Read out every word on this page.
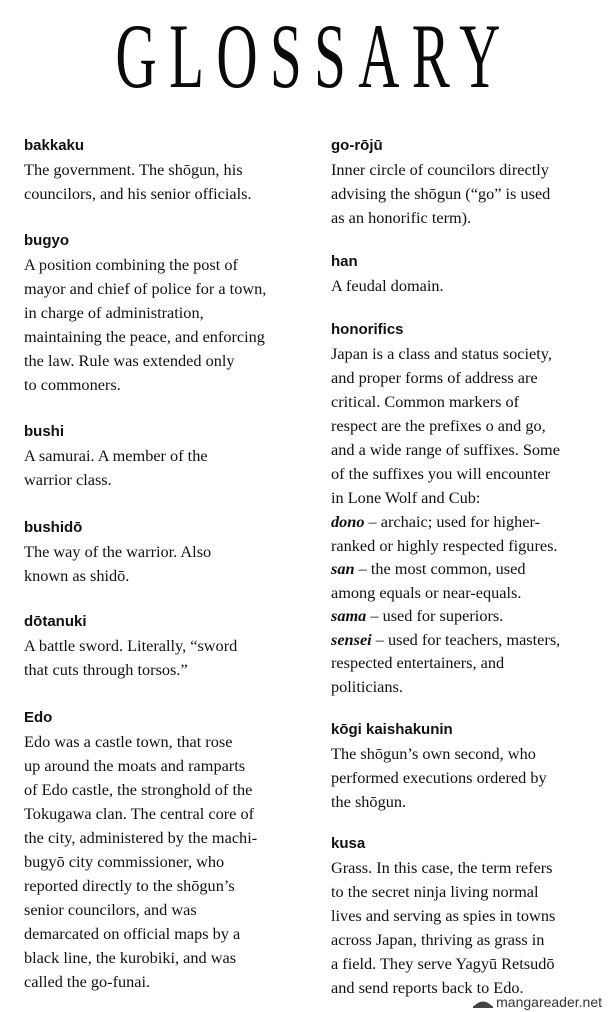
GLOSSARY
bakkaku
The government. The shōgun, his
councilors, and his senior officials.
bugyo
A position combining the post of
mayor and chief of police for a town,
in charge of administration,
maintaining the peace, and enforcing
the law. Rule was extended only
to commoners.
bushi
A samurai. A member of the
warrior class.
bushidō
The way of the warrior. Also
known as shidō.
dōtanuki
A battle sword. Literally, “sword
that cuts through torsos.”
Edo
Edo was a castle town, that rose
up around the moats and ramparts
of Edo castle, the stronghold of the
Tokugawa clan. The central core of
the city, administered by the machi-
bugyō city commissioner, who
reported directly to the shōgun’s
senior councilors, and was
demarcated on official maps by a
black line, the kurobiki, and was
called the go-funai.
go-rōjū
Inner circle of councilors directly
advising the shōgun (“go” is used
as an honorific term).
han
A feudal domain.
honorifics
Japan is a class and status society,
and proper forms of address are
critical. Common markers of
respect are the prefixes o and go,
and a wide range of suffixes. Some
of the suffixes you will encounter
in Lone Wolf and Cub:
dono – archaic; used for higher-
ranked or highly respected figures.
san – the most common, used
among equals or near-equals.
sama – used for superiors.
sensei – used for teachers, masters,
respected entertainers, and
politicians.
kōgi kaishakunin
The shōgun’s own second, who
performed executions ordered by
the shōgun.
kusa
Grass. In this case, the term refers
to the secret ninja living normal
lives and serving as spies in towns
across Japan, thriving as grass in
a field. They serve Yagyū Retsudō
and send reports back to Edo.
mangareader.net
